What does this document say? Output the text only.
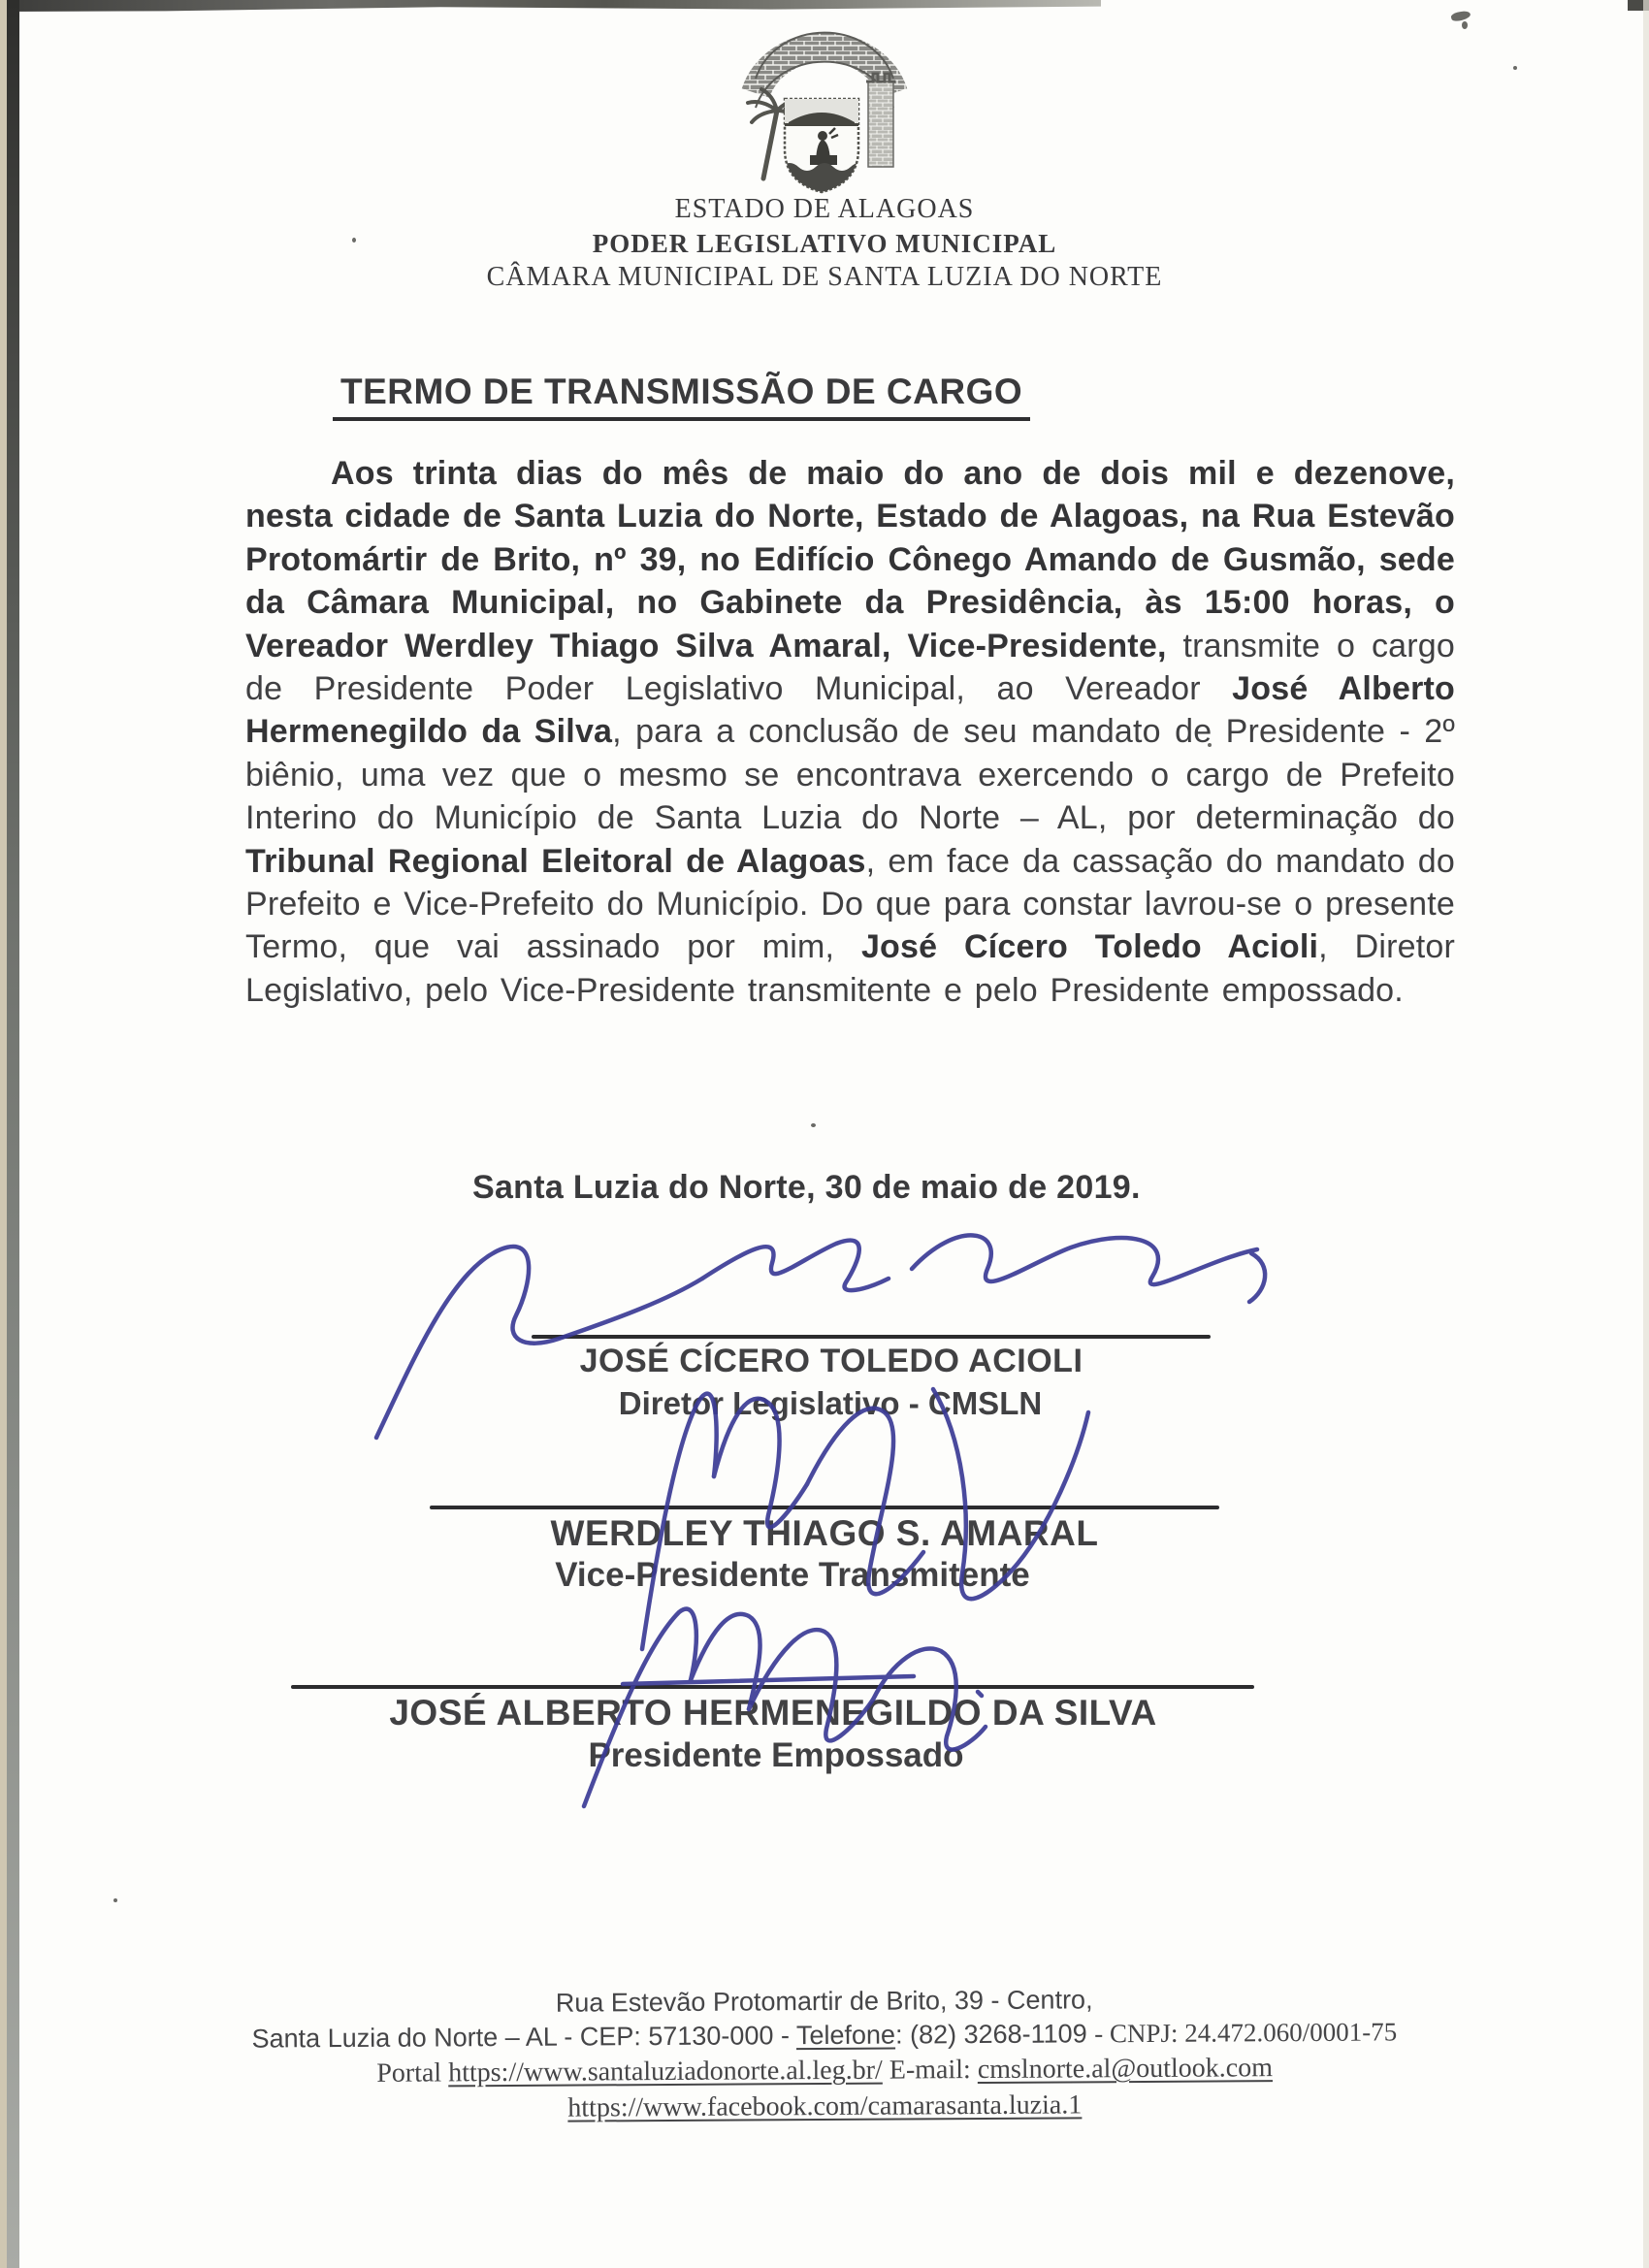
ESTADO DE ALAGOAS
PODER LEGISLATIVO MUNICIPAL
CÂMARA MUNICIPAL DE SANTA LUZIA DO NORTE
TERMO DE TRANSMISSÃO DE CARGO
Aos trinta dias do mês de maio do ano de dois mil e dezenove, nesta cidade de Santa Luzia do Norte, Estado de Alagoas, na Rua Estevão Protomártir de Brito, nº 39, no Edifício Cônego Amando de Gusmão, sede da Câmara Municipal, no Gabinete da Presidência, às 15:00 horas, o Vereador Werdley Thiago Silva Amaral, Vice-Presidente, transmite o cargo de Presidente Poder Legislativo Municipal, ao Vereador José Alberto Hermenegildo da Silva, para a conclusão de seu mandato de Presidente - 2º biênio, uma vez que o mesmo se encontrava exercendo o cargo de Prefeito Interino do Município de Santa Luzia do Norte – AL, por determinação do Tribunal Regional Eleitoral de Alagoas, em face da cassação do mandato do Prefeito e Vice-Prefeito do Município. Do que para constar lavrou-se o presente Termo, que vai assinado por mim, José Cícero Toledo Acioli, Diretor Legislativo, pelo Vice-Presidente transmitente e pelo Presidente empossado.
Santa Luzia do Norte, 30 de maio de 2019.
JOSÉ CÍCERO TOLEDO ACIOLI
Diretor Legislativo - CMSLN
WERDLEY THIAGO S. AMARAL
Vice-Presidente Transmitente
JOSÉ ALBERTO HERMENEGILDO DA SILVA
Presidente Empossado
Rua Estevão Protomartir de Brito, 39 - Centro,
Santa Luzia do Norte – AL - CEP: 57130-000 - Telefone: (82) 3268-1109 - CNPJ: 24.472.060/0001-75
Portal https://www.santaluziadonorte.al.leg.br/ E-mail: cmslnorte.al@outlook.com
https://www.facebook.com/camarasanta.luzia.1
